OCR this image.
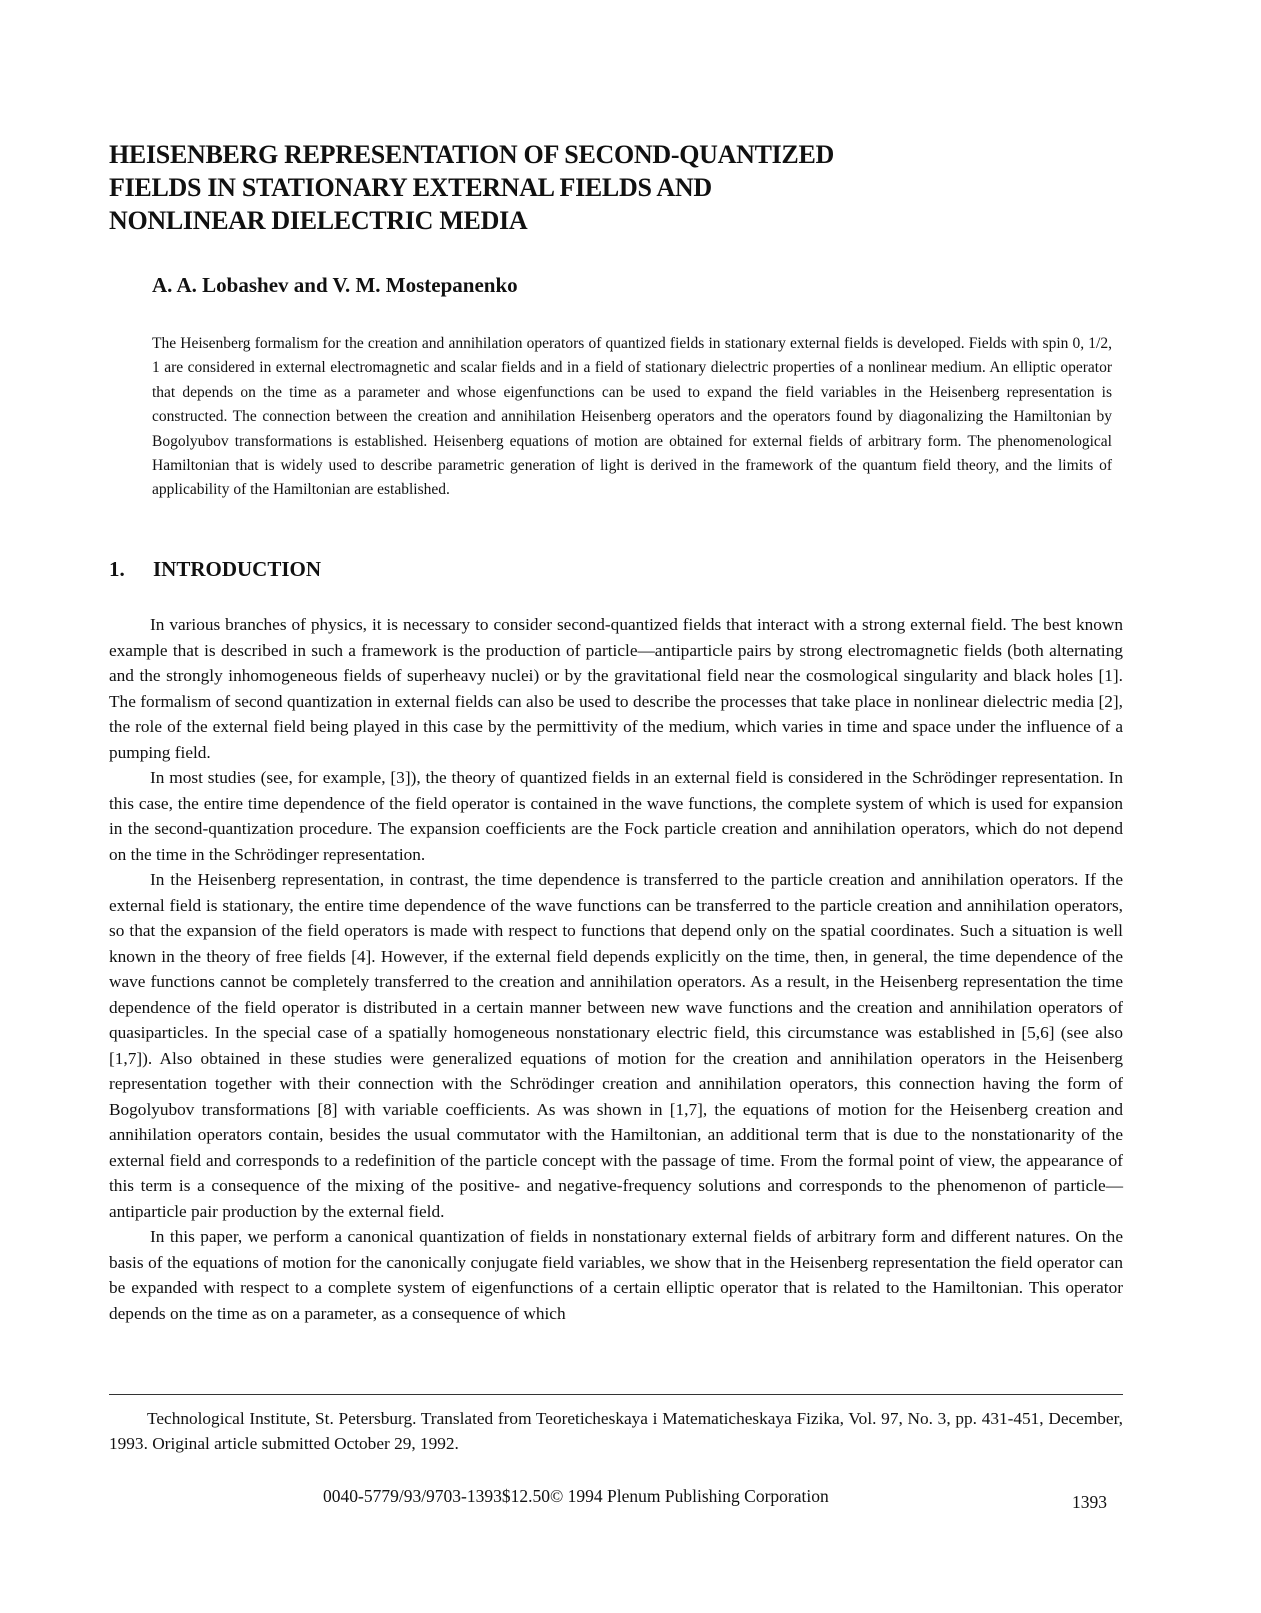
HEISENBERG REPRESENTATION OF SECOND-QUANTIZED
FIELDS IN STATIONARY EXTERNAL FIELDS AND
NONLINEAR DIELECTRIC MEDIA

A. A. Lobashev and V. M. Mostepanenko

The Heisenberg formalism for the creation and annihilation operators of quantized fields in stationary external fields is developed. Fields with spin 0, 1/2, 1 are considered in external electromagnetic and scalar fields and in a field of stationary dielectric properties of a nonlinear medium. An elliptic operator that depends on the time as a parameter and whose eigenfunctions can be used to expand the field variables in the Heisenberg representation is constructed. The connection between the creation and annihilation Heisenberg operators and the operators found by diagonalizing the Hamiltonian by Bogolyubov transformations is established. Heisenberg equations of motion are obtained for external fields of arbitrary form. The phenomenological Hamiltonian that is widely used to describe parametric generation of light is derived in the framework of the quantum field theory, and the limits of applicability of the Hamiltonian are established.

1. INTRODUCTION

In various branches of physics, it is necessary to consider second-quantized fields that interact with a strong external field. The best known example that is described in such a framework is the production of particle—antiparticle pairs by strong electromagnetic fields (both alternating and the strongly inhomogeneous fields of superheavy nuclei) or by the gravitational field near the cosmological singularity and black holes [1]. The formalism of second quantization in external fields can also be used to describe the processes that take place in nonlinear dielectric media [2], the role of the external field being played in this case by the permittivity of the medium, which varies in time and space under the influence of a pumping field.

In most studies (see, for example, [3]), the theory of quantized fields in an external field is considered in the Schrödinger representation. In this case, the entire time dependence of the field operator is contained in the wave functions, the complete system of which is used for expansion in the second-quantization procedure. The expansion coefficients are the Fock particle creation and annihilation operators, which do not depend on the time in the Schrödinger representation.

In the Heisenberg representation, in contrast, the time dependence is transferred to the particle creation and annihilation operators. If the external field is stationary, the entire time dependence of the wave functions can be transferred to the particle creation and annihilation operators, so that the expansion of the field operators is made with respect to functions that depend only on the spatial coordinates. Such a situation is well known in the theory of free fields [4]. However, if the external field depends explicitly on the time, then, in general, the time dependence of the wave functions cannot be completely transferred to the creation and annihilation operators. As a result, in the Heisenberg representation the time dependence of the field operator is distributed in a certain manner between new wave functions and the creation and annihilation operators of quasiparticles. In the special case of a spatially homogeneous nonstationary electric field, this circumstance was established in [5,6] (see also [1,7]). Also obtained in these studies were generalized equations of motion for the creation and annihilation operators in the Heisenberg representation together with their connection with the Schrödinger creation and annihilation operators, this connection having the form of Bogolyubov transformations [8] with variable coefficients. As was shown in [1,7], the equations of motion for the Heisenberg creation and annihilation operators contain, besides the usual commutator with the Hamiltonian, an additional term that is due to the nonstationarity of the external field and corresponds to a redefinition of the particle concept with the passage of time. From the formal point of view, the appearance of this term is a consequence of the mixing of the positive- and negative-frequency solutions and corresponds to the phenomenon of particle—antiparticle pair production by the external field.

In this paper, we perform a canonical quantization of fields in nonstationary external fields of arbitrary form and different natures. On the basis of the equations of motion for the canonically conjugate field variables, we show that in the Heisenberg representation the field operator can be expanded with respect to a complete system of eigenfunctions of a certain elliptic operator that is related to the Hamiltonian. This operator depends on the time as on a parameter, as a consequence of which

Technological Institute, St. Petersburg. Translated from Teoreticheskaya i Matematicheskaya Fizika, Vol. 97, No. 3, pp. 431-451, December, 1993. Original article submitted October 29, 1992.

0040-5779/93/9703-1393$12.50© 1994 Plenum Publishing Corporation	1393
